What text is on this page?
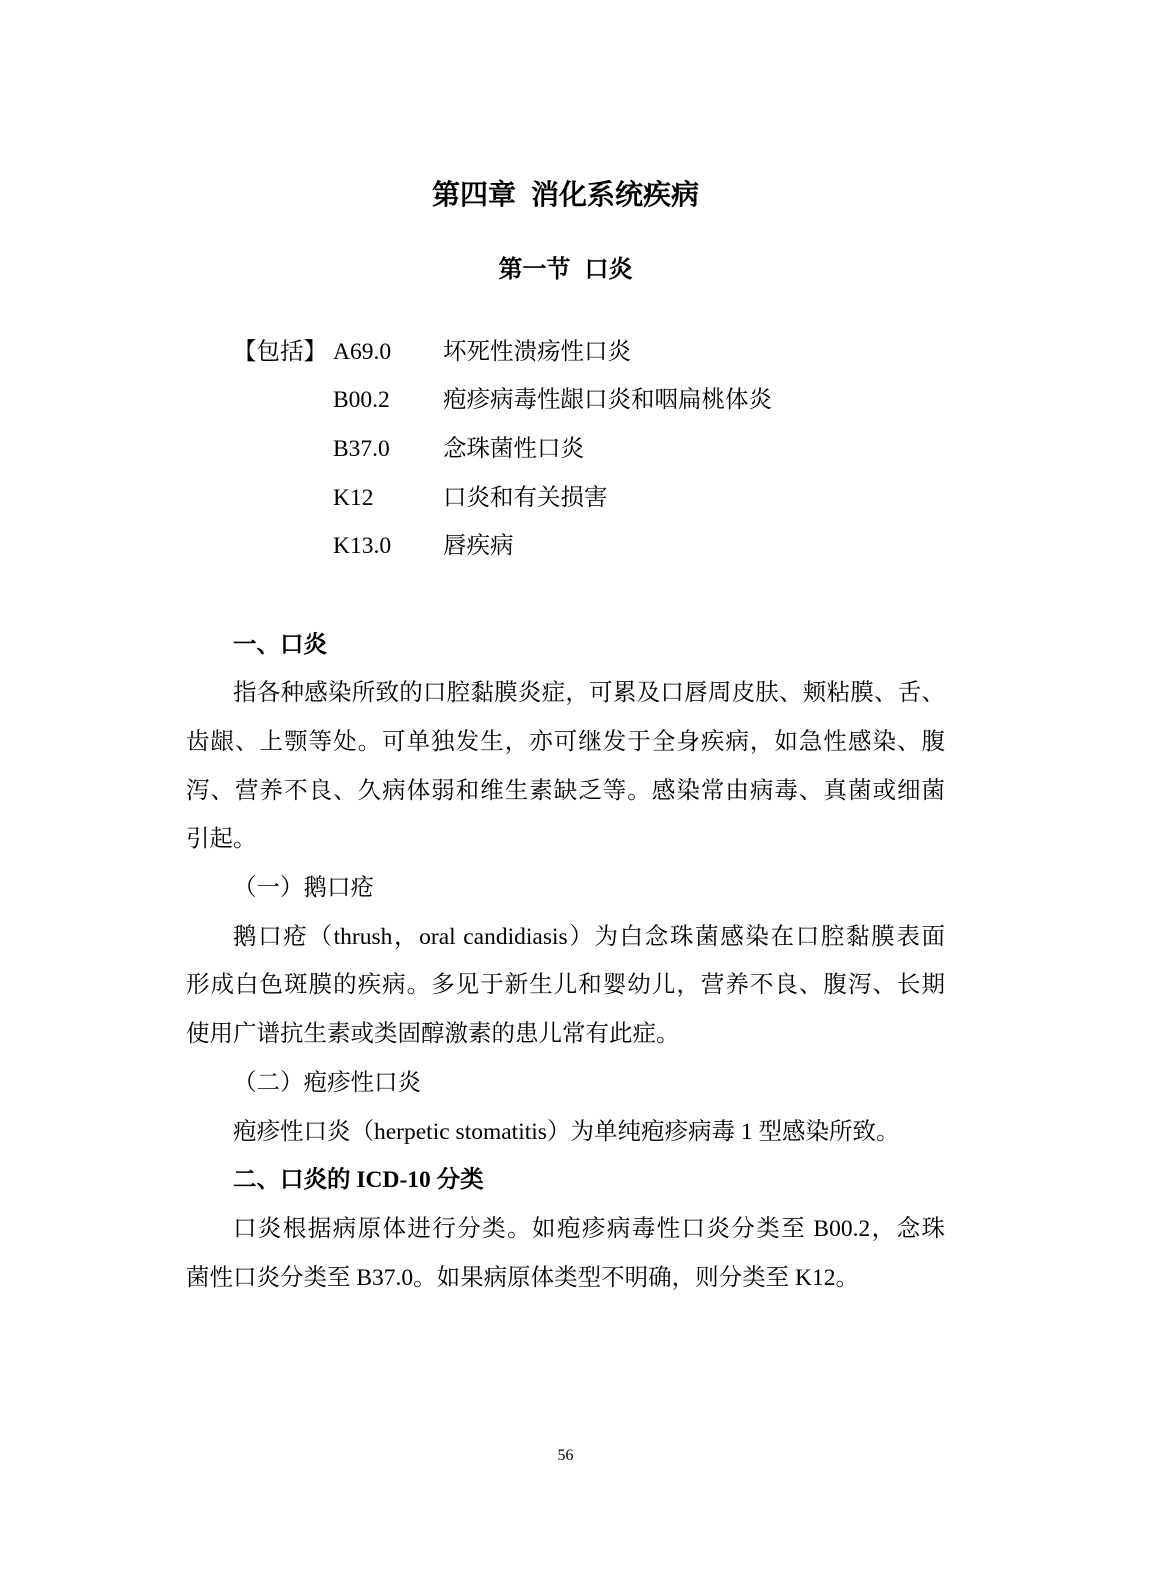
第四章 消化系统疾病
第一节 口炎
【包括】 A69.0	坏死性溃疡性口炎
B00.2	疱疹病毒性龈口炎和咽扁桃体炎
B37.0	念珠菌性口炎
K12	口炎和有关损害
K13.0	唇疾病
一、口炎
指各种感染所致的口腔黏膜炎症，可累及口唇周皮肤、颊粘膜、舌、
齿龈、上颚等处。可单独发生，亦可继发于全身疾病，如急性感染、腹
泻、营养不良、久病体弱和维生素缺乏等。感染常由病毒、真菌或细菌
引起。
（一）鹅口疮
鹅口疮（thrush，oral candidiasis）为白念珠菌感染在口腔黏膜表面
形成白色斑膜的疾病。多见于新生儿和婴幼儿，营养不良、腹泻、长期
使用广谱抗生素或类固醇激素的患儿常有此症。
（二）疱疹性口炎
疱疹性口炎（herpetic stomatitis）为单纯疱疹病毒 1 型感染所致。
二、口炎的 ICD-10 分类
口炎根据病原体进行分类。如疱疹病毒性口炎分类至 B00.2，念珠
菌性口炎分类至 B37.0。如果病原体类型不明确，则分类至 K12。
56
